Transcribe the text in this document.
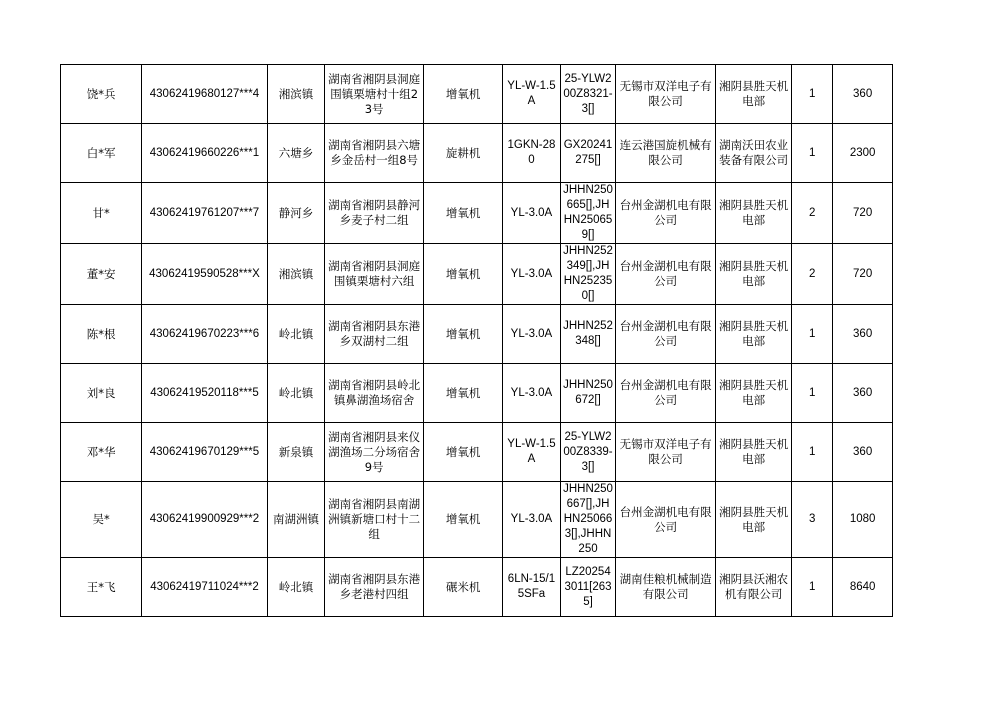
饶*兵	43062419680127***4	湘滨镇	湖南省湘阴县洞庭围镇栗塘村十组23号	增氧机	YL-W-1.5A	25-YLW200Z8321-3[]	无锡市双洋电子有限公司	湘阴县胜天机电部	1	360
白*军	43062419660226***1	六塘乡	湖南省湘阴县六塘乡金岳村一组8号	旋耕机	1GKN-280	GX20241275[]	连云港国旋机械有限公司	湖南沃田农业装备有限公司	1	2300
甘*	43062419761207***7	静河乡	湖南省湘阴县静河乡麦子村二组	增氧机	YL-3.0A	JHHN250665[],JHHN250659[]	台州金湖机电有限公司	湘阴县胜天机电部	2	720
董*安	43062419590528***X	湘滨镇	湖南省湘阴县洞庭围镇栗塘村六组	增氧机	YL-3.0A	JHHN252349[],JHHN252350[]	台州金湖机电有限公司	湘阴县胜天机电部	2	720
陈*根	43062419670223***6	岭北镇	湖南省湘阴县东港乡双湖村二组	增氧机	YL-3.0A	JHHN252348[]	台州金湖机电有限公司	湘阴县胜天机电部	1	360
刘*良	43062419520118***5	岭北镇	湖南省湘阴县岭北镇鼻湖渔场宿舍	增氧机	YL-3.0A	JHHN250672[]	台州金湖机电有限公司	湘阴县胜天机电部	1	360
邓*华	43062419670129***5	新泉镇	湖南省湘阴县来仪湖渔场二分场宿舍9号	增氧机	YL-W-1.5A	25-YLW200Z8339-3[]	无锡市双洋电子有限公司	湘阴县胜天机电部	1	360
吴*	43062419900929***2	南湖洲镇	湖南省湘阴县南湖洲镇新塘口村十二组	增氧机	YL-3.0A	JHHN250667[],JHHN250663[],JHHN250	台州金湖机电有限公司	湘阴县胜天机电部	3	1080
王*飞	43062419711024***2	岭北镇	湖南省湘阴县东港乡老港村四组	碾米机	6LN-15/15SFa	LZ202543011[2635]	湖南佳粮机械制造有限公司	湘阴县沃湘农机有限公司	1	8640
